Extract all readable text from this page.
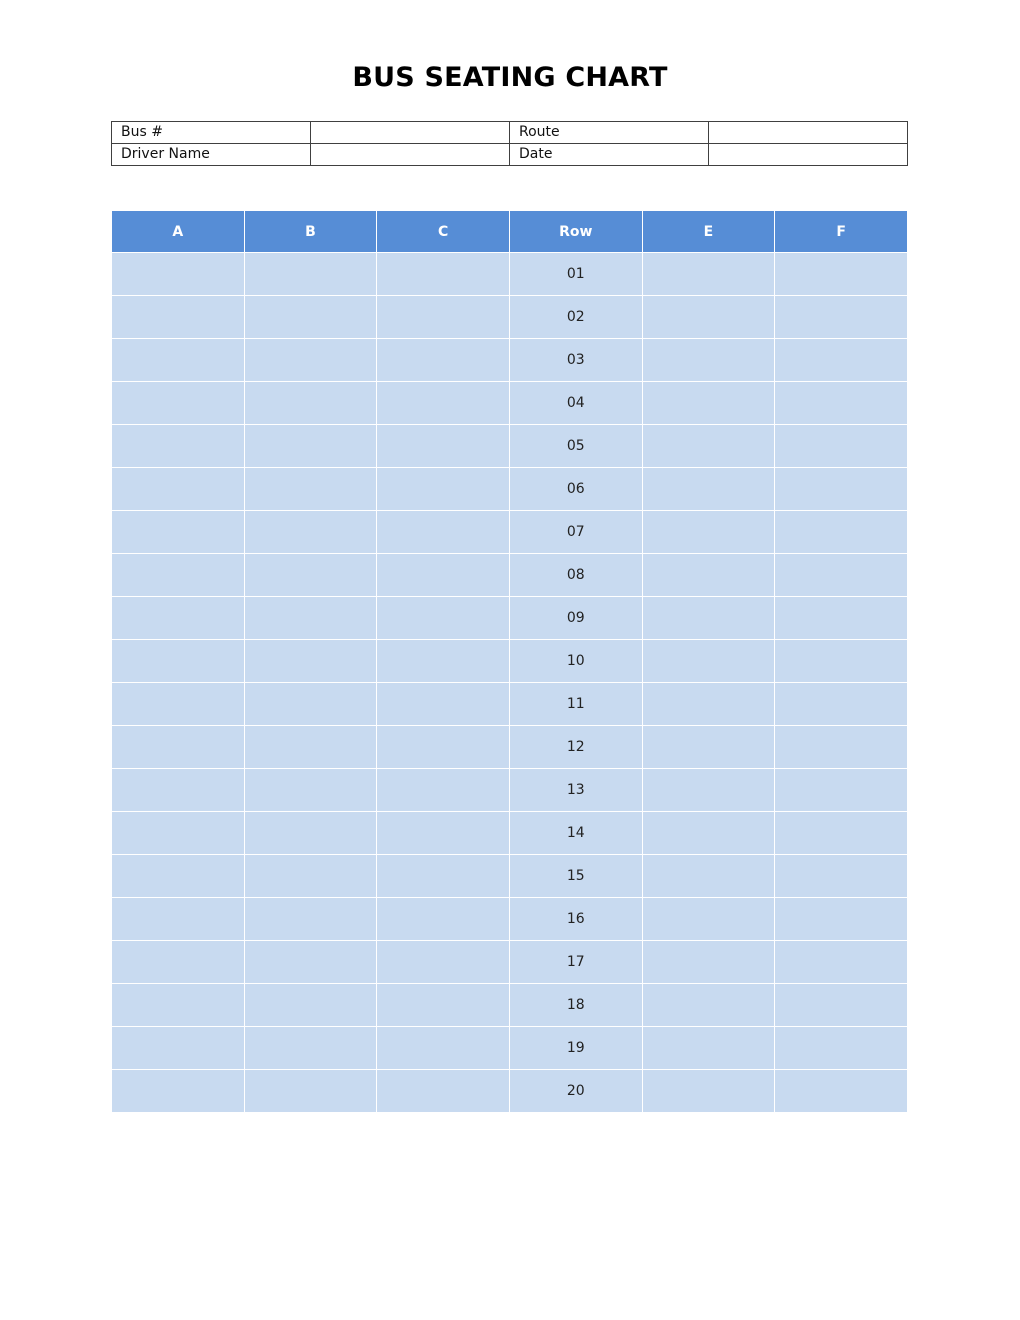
BUS SEATING CHART
Bus #		Route	
Driver Name		Date	
A	B	C	Row	E	F
			01		
			02		
			03		
			04		
			05		
			06		
			07		
			08		
			09		
			10		
			11		
			12		
			13		
			14		
			15		
			16		
			17		
			18		
			19		
			20		
